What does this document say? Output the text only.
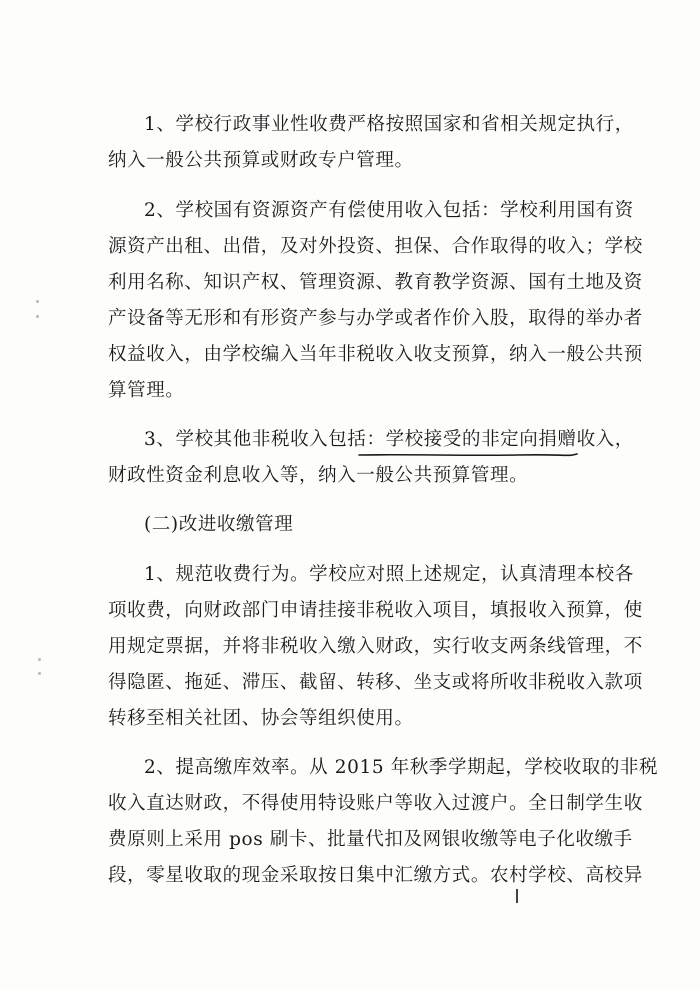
1、学校行政事业性收费严格按照国家和省相关规定执行，
纳入一般公共预算或财政专户管理。
2、学校国有资源资产有偿使用收入包括：学校利用国有资
源资产出租、出借，及对外投资、担保、合作取得的收入；学校
利用名称、知识产权、管理资源、教育教学资源、国有土地及资
产设备等无形和有形资产参与办学或者作价入股，取得的举办者
权益收入，由学校编入当年非税收入收支预算，纳入一般公共预
算管理。
3、学校其他非税收入包括：学校接受的非定向捐赠收入，
财政性资金利息收入等，纳入一般公共预算管理。
(二)改进收缴管理
1、规范收费行为。学校应对照上述规定，认真清理本校各
项收费，向财政部门申请挂接非税收入项目，填报收入预算，使
用规定票据，并将非税收入缴入财政，实行收支两条线管理，不
得隐匿、拖延、滞压、截留、转移、坐支或将所收非税收入款项
转移至相关社团、协会等组织使用。
2、提高缴库效率。从 2015 年秋季学期起，学校收取的非税
收入直达财政，不得使用特设账户等收入过渡户。全日制学生收
费原则上采用 pos 刷卡、批量代扣及网银收缴等电子化收缴手
段，零星收取的现金采取按日集中汇缴方式。农村学校、高校异
